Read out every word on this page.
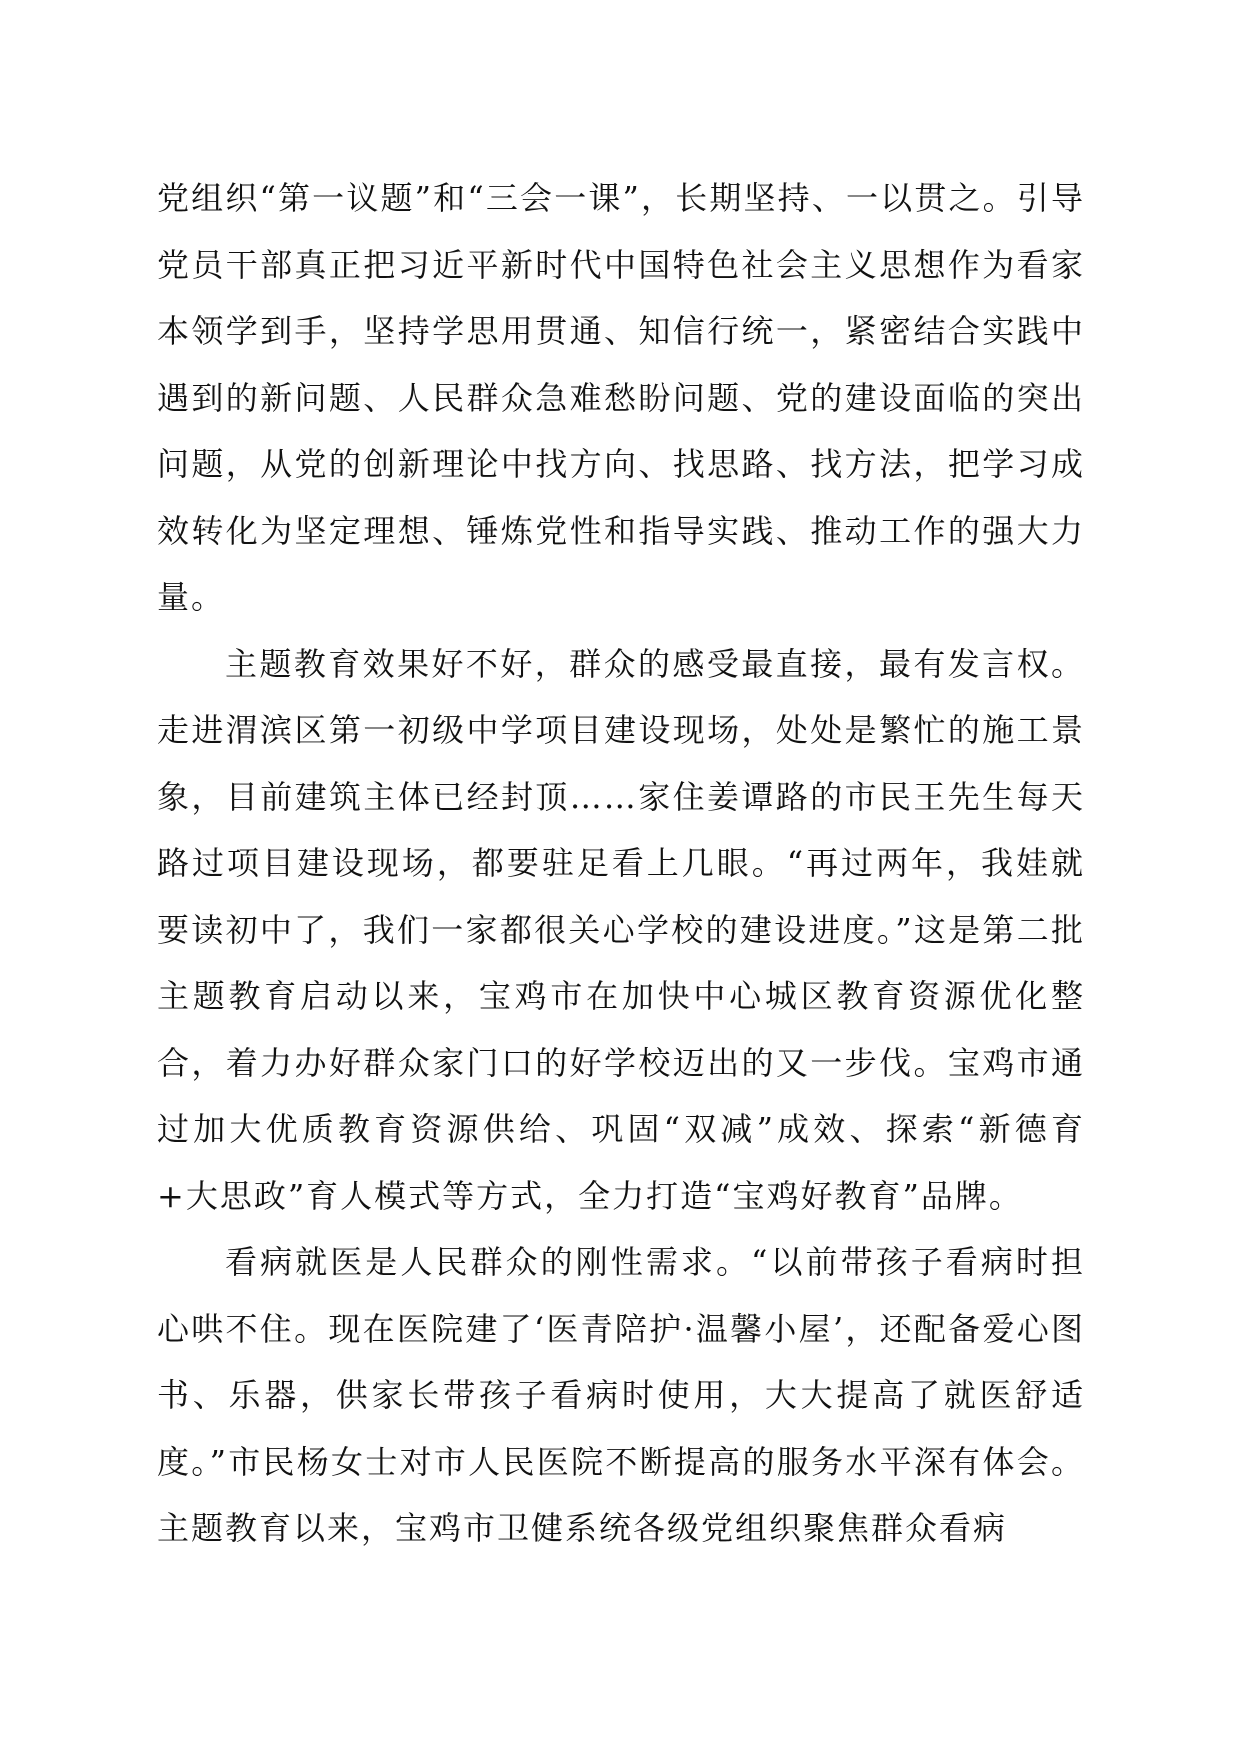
党组织“第一议题”和“三会一课”，长期坚持、一以贯之。引导党员干部真正把习近平新时代中国特色社会主义思想作为看家本领学到手，坚持学思用贯通、知信行统一，紧密结合实践中遇到的新问题、人民群众急难愁盼问题、党的建设面临的突出问题，从党的创新理论中找方向、找思路、找方法，把学习成效转化为坚定理想、锤炼党性和指导实践、推动工作的强大力量。

主题教育效果好不好，群众的感受最直接，最有发言权。走进渭滨区第一初级中学项目建设现场，处处是繁忙的施工景象，目前建筑主体已经封顶……家住姜谭路的市民王先生每天路过项目建设现场，都要驻足看上几眼。“再过两年，我娃就要读初中了，我们一家都很关心学校的建设进度。”这是第二批主题教育启动以来，宝鸡市在加快中心城区教育资源优化整合，着力办好群众家门口的好学校迈出的又一步伐。宝鸡市通过加大优质教育资源供给、巩固“双减”成效、探索“新德育+大思政”育人模式等方式，全力打造“宝鸡好教育”品牌。

看病就医是人民群众的刚性需求。“以前带孩子看病时担心哄不住。现在医院建了‘医青陪护·温馨小屋’，还配备爱心图书、乐器，供家长带孩子看病时使用，大大提高了就医舒适度。”市民杨女士对市人民医院不断提高的服务水平深有体会。主题教育以来，宝鸡市卫健系统各级党组织聚焦群众看病
